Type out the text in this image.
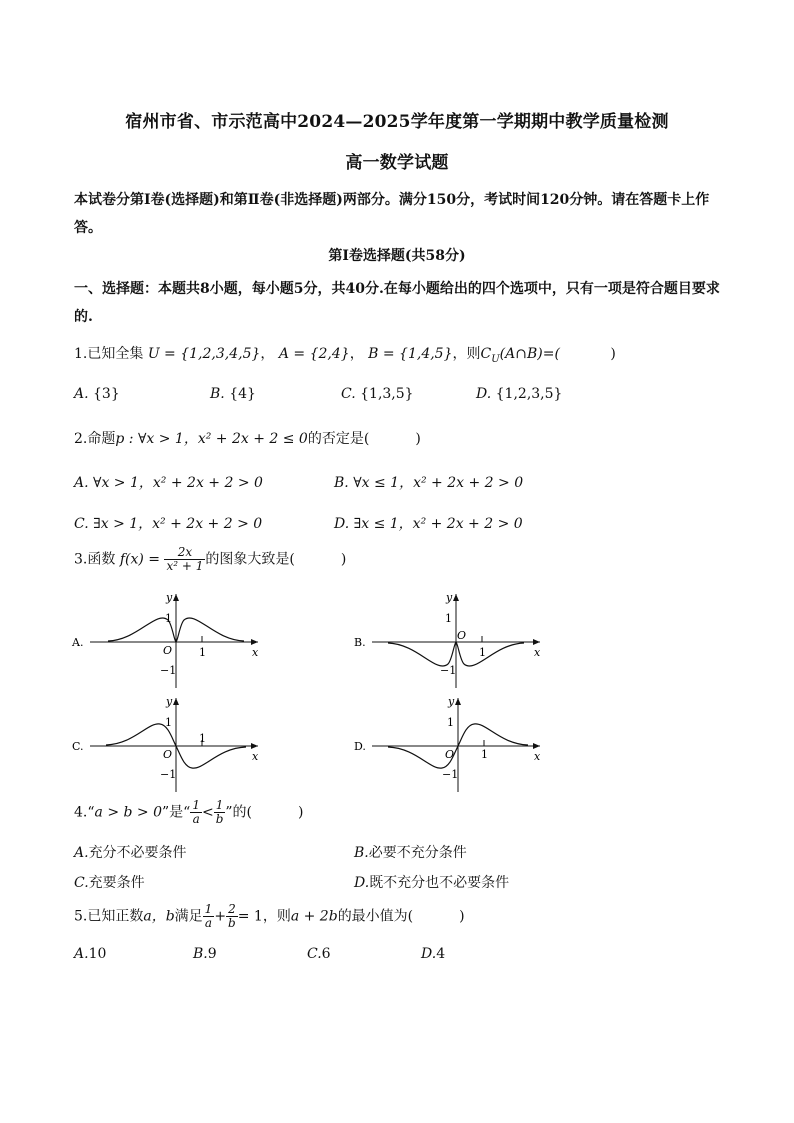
宿州市省、市示范高中2024—2025学年度第一学期期中教学质量检测
高一数学试题
本试卷分第Ⅰ卷(选择题)和第Ⅱ卷(非选择题)两部分。满分150分，考试时间120分钟。请在答题卡上作答。
第Ⅰ卷选择题(共58分)
一、选择题：本题共8小题，每小题5分，共40分.在每小题给出的四个选项中，只有一项是符合题目要求的.
1.已知全集 U = {1,2,3,4,5}， A = {2,4}， B = {1,4,5}，则$C_U(A\cap B)=$(	)
A. {3}	B. {4}	C. {1,3,5}	D. {1,2,3,5}
2.命题p : ∀x > 1，x² + 2x + 2 ≤ 0的否定是(	)
A. ∀x > 1，x² + 2x + 2 > 0	B. ∀x ≤ 1，x² + 2x + 2 > 0
C. ∃x > 1，x² + 2x + 2 > 0	D. ∃x ≤ 1，x² + 2x + 2 > 0
3.函数 $f(x) = \frac{2x}{\text{x² + 1}}$ 的图象大致是(	)
A.
1
O
−1
1	x
y
B.
1
O
−1
1	x
y
C.
1
O
−1
1
x
y
D.
1
O
−1
1	x
y
4.“a > b > 0”是“ $\frac{1}{a} < \frac{1}{b}$ ”的(	)
A.充分不必要条件	B.必要不充分条件
C.充要条件	D.既不充分也不必要条件
5.已知正数a，b满足 $\frac{1}{a} + \frac{2}{b} = 1$，则a + 2b的最小值为(	)
A.10	B.9	C.6	D.4
